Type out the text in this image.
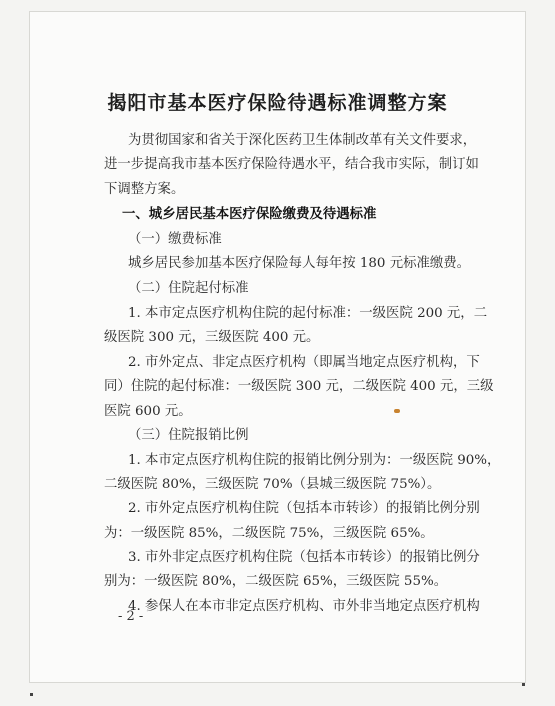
揭阳市基本医疗保险待遇标准调整方案
为贯彻国家和省关于深化医药卫生体制改革有关文件要求，
进一步提高我市基本医疗保险待遇水平，结合我市实际，制订如
下调整方案。
一、城乡居民基本医疗保险缴费及待遇标准
（一）缴费标准
城乡居民参加基本医疗保险每人每年按 180 元标准缴费。
（二）住院起付标准
1. 本市定点医疗机构住院的起付标准：一级医院 200 元，二
级医院 300 元，三级医院 400 元。
2. 市外定点、非定点医疗机构（即属当地定点医疗机构，下
同）住院的起付标准：一级医院 300 元，二级医院 400 元，三级
医院 600 元。
（三）住院报销比例
1. 本市定点医疗机构住院的报销比例分别为：一级医院 90%，
二级医院 80%，三级医院 70%（县城三级医院 75%）。
2. 市外定点医疗机构住院（包括本市转诊）的报销比例分别
为：一级医院 85%，二级医院 75%，三级医院 65%。
3. 市外非定点医疗机构住院（包括本市转诊）的报销比例分
别为：一级医院 80%，二级医院 65%，三级医院 55%。
4. 参保人在本市非定点医疗机构、市外非当地定点医疗机构
- 2 -
